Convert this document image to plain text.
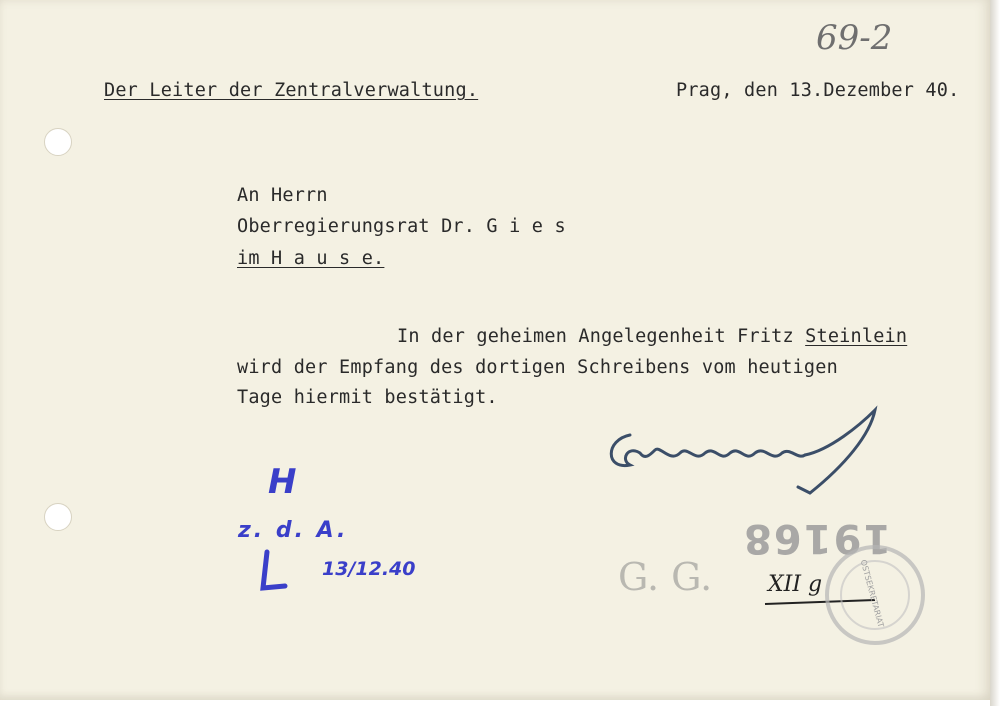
69-2
Der Leiter der Zentralverwaltung.	Prag, den 13.Dezember 40.
An Herrn
Oberregierungsrat Dr. G i e s
im H a u s e.
In der geheimen Angelegenheit Fritz Steinlein
wird der Empfang des dortigen Schreibens vom heutigen
Tage hiermit bestätigt.
H
z. d. A.
13/12.40
19168
G. G.	XII g	OSTSEKRETARIAT
